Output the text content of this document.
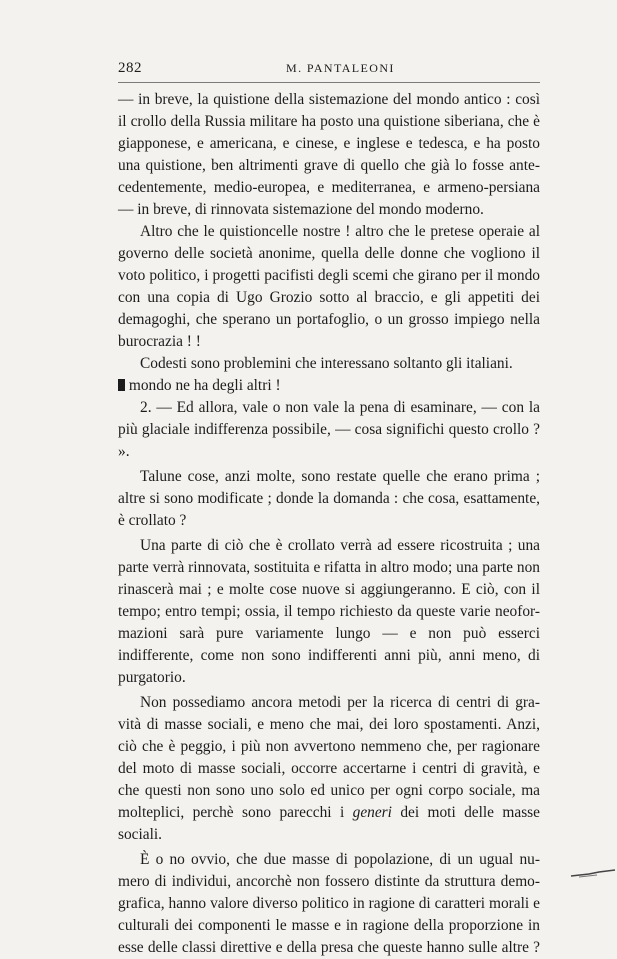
282	M. PANTALEONI

— in breve, la quistione della sistemazione del mondo antico : così il crollo della Russia militare ha posto una quistione siberiana, che è giapponese, e americana, e cinese, e inglese e tedesca, e ha posto una quistione, ben altrimenti grave di quello che già lo fosse ante- cedentemente, medio-europea, e mediterranea, e armeno-persiana — in breve, di rinnovata sistemazione del mondo moderno.

Altro che le quistioncelle nostre ! altro che le pretese operaie al governo delle società anonime, quella delle donne che vogliono il voto politico, i progetti pacifisti degli scemi che girano per il mondo con una copia di Ugo Grozio sotto al braccio, e gli appetiti dei demagoghi, che sperano un portafoglio, o un grosso impiego nella burocrazia ! !

Codesti sono problemini che interessano soltanto gli italiani.

mondo ne ha degli altri !

2. — Ed allora, vale o non vale la pena di esaminare, — con la più glaciale indifferenza possibile, — cosa significhi questo crollo ? ».

Talune cose, anzi molte, sono restate quelle che erano prima ; altre si sono modificate ; donde la domanda : che cosa, esattamente, è crollato ?

Una parte di ciò che è crollato verrà ad essere ricostruita ; una parte verrà rinnovata, sostituita e rifatta in altro modo; una parte non rinascerà mai ; e molte cose nuove si aggiungeranno. E ciò, con il tempo; entro tempi; ossia, il tempo richiesto da queste varie neofor- mazioni sarà pure variamente lungo — e non può esserci indifferente, come non sono indifferenti anni più, anni meno, di purgatorio.

Non possediamo ancora metodi per la ricerca di centri di gra- vità di masse sociali, e meno che mai, dei loro spostamenti. Anzi, ciò che è peggio, i più non avvertono nemmeno che, per ragionare del moto di masse sociali, occorre accertarne i centri di gravità, e che questi non sono uno solo ed unico per ogni corpo sociale, ma molteplici, perchè sono parecchi i generi dei moti delle masse sociali.

È o no ovvio, che due masse di popolazione, di un ugual nu- mero di individui, ancorchè non fossero distinte da struttura demo- grafica, hanno valore diverso politico in ragione di caratteri morali e culturali dei componenti le masse e in ragione della proporzione in esse delle classi direttive e della presa che queste hanno sulle altre ?
